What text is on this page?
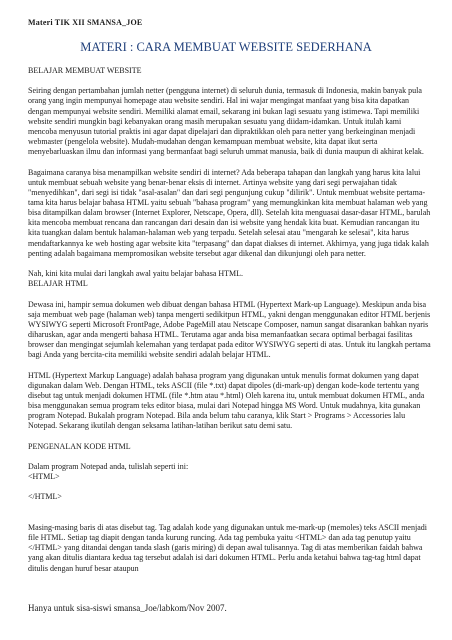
Materi TIK XII SMANSA_JOE
MATERI : CARA MEMBUAT WEBSITE SEDERHANA

BELAJAR MEMBUAT WEBSITE

Seiring dengan pertambahan jumlah netter (pengguna internet) di seluruh dunia, termasuk di Indonesia, makin banyak pula orang yang ingin mempunyai homepage atau website sendiri. Hal ini wajar mengingat manfaat yang bisa kita dapatkan dengan mempunyai website sendiri. Memiliki alamat email, sekarang ini bukan lagi sesuatu yang istimewa. Tapi memiliki website sendiri mungkin bagi kebanyakan orang masih merupakan sesuatu yang diidam-idamkan. Untuk itulah kami mencoba menyusun tutorial praktis ini agar dapat dipelajari dan dipraktikkan oleh para netter yang berkeinginan menjadi webmaster (pengelola website). Mudah-mudahan dengan kemampuan membuat website, kita dapat ikut serta menyebarluaskan ilmu dan informasi yang bermanfaat bagi seluruh ummat manusia, baik di dunia maupun di akhirat kelak.

Bagaimana caranya bisa menampilkan website sendiri di internet? Ada beberapa tahapan dan langkah yang harus kita lalui untuk membuat sebuah website yang benar-benar eksis di internet. Artinya website yang dari segi perwajahan tidak "menyedihkan", dari segi isi tidak "asal-asalan" dan dari segi pengunjung cukup "dilirik". Untuk membuat website pertama-tama kita harus belajar bahasa HTML yaitu sebuah "bahasa program" yang memungkinkan kita membuat halaman web yang bisa ditampilkan dalam browser (Internet Explorer, Netscape, Opera, dll). Setelah kita menguasai dasar-dasar HTML, barulah kita mencoba membuat rencana dan rancangan dari desain dan isi website yang hendak kita buat. Kemudian rancangan itu kita tuangkan dalam bentuk halaman-halaman web yang terpadu. Setelah selesai atau "mengarah ke selesai", kita harus mendaftarkannya ke web hosting agar website kita "terpasang" dan dapat diakses di internet. Akhirnya, yang juga tidak kalah penting adalah bagaimana mempromosikan website tersebut agar dikenal dan dikunjungi oleh para netter.

Nah, kini kita mulai dari langkah awal yaitu belajar bahasa HTML.

BELAJAR HTML

Dewasa ini, hampir semua dokumen web dibuat dengan bahasa HTML (Hypertext Mark-up Language). Meskipun anda bisa saja membuat web page (halaman web) tanpa mengerti sedikitpun HTML, yakni dengan menggunakan editor HTML berjenis WYSIWYG seperti Microsoft FrontPage, Adobe PageMill atau Netscape Composer, namun sangat disarankan bahkan nyaris diharuskan, agar anda mengerti bahasa HTML. Terutama agar anda bisa memanfaatkan secara optimal berbagai fasilitas browser dan mengingat sejumlah kelemahan yang terdapat pada editor WYSIWYG seperti di atas. Untuk itu langkah pertama bagi Anda yang bercita-cita memiliki website sendiri adalah belajar HTML.

HTML (Hypertext Markup Language) adalah bahasa program yang digunakan untuk menulis format dokumen yang dapat digunakan dalam Web. Dengan HTML, teks ASCII (file *.txt) dapat dipoles (di-mark-up) dengan kode-kode tertentu yang disebut tag untuk menjadi dokumen HTML (file *.htm atau *.html) Oleh karena itu, untuk membuat dokumen HTML, anda bisa menggunakan semua program teks editor biasa, mulai dari Notepad hingga MS Word. Untuk mudahnya, kita gunakan program Notepad. Bukalah program Notepad. Bila anda belum tahu caranya, klik Start > Programs > Accessories lalu Notepad. Sekarang ikutilah dengan seksama latihan-latihan berikut satu demi satu.

PENGENALAN KODE HTML

Dalam program Notepad anda, tulislah seperti ini:

<HTML>

</HTML>

Masing-masing baris di atas disebut tag. Tag adalah kode yang digunakan untuk me-mark-up (memoles) teks ASCII menjadi file HTML. Setiap tag diapit dengan tanda kurung runcing. Ada tag pembuka yaitu <HTML> dan ada tag penutup yaitu </HTML> yang ditandai dengan tanda slash (garis miring) di depan awal tulisannya. Tag di atas memberikan faidah bahwa yang akan ditulis diantara kedua tag tersebut adalah isi dari dokumen HTML. Perlu anda ketahui bahwa tag-tag html dapat ditulis dengan huruf besar ataupun

Hanya untuk sisa-siswi smansa_Joe/labkom/Nov 2007.
